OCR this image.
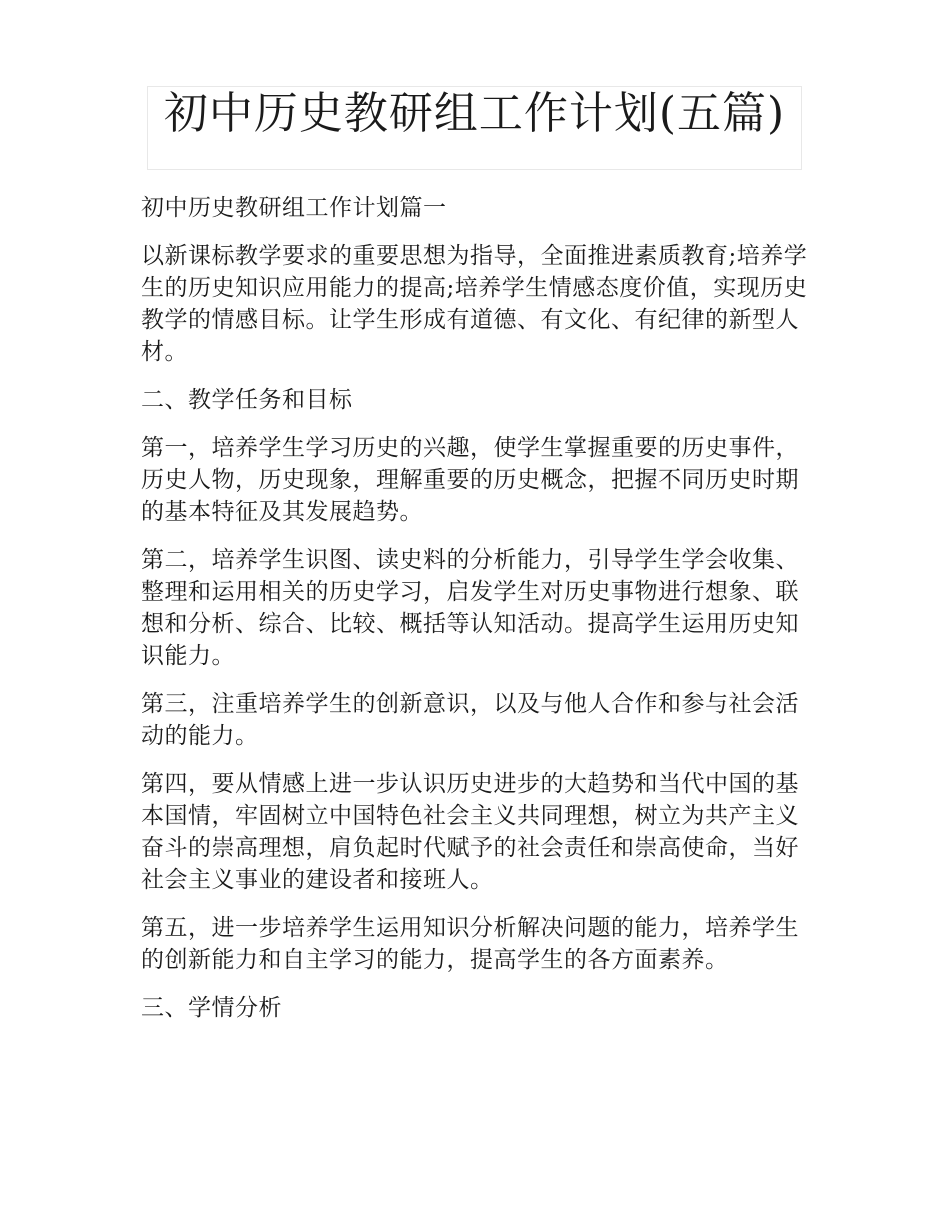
初中历史教研组工作计划(五篇)

初中历史教研组工作计划篇一

以新课标教学要求的重要思想为指导，全面推进素质教育;培养学生的历史知识应用能力的提高;培养学生情感态度价值，实现历史教学的情感目标。让学生形成有道德、有文化、有纪律的新型人材。

二、教学任务和目标

第一，培养学生学习历史的兴趣，使学生掌握重要的历史事件，历史人物，历史现象，理解重要的历史概念，把握不同历史时期的基本特征及其发展趋势。

第二，培养学生识图、读史料的分析能力，引导学生学会收集、整理和运用相关的历史学习，启发学生对历史事物进行想象、联想和分析、综合、比较、概括等认知活动。提高学生运用历史知识能力。

第三，注重培养学生的创新意识，以及与他人合作和参与社会活动的能力。

第四，要从情感上进一步认识历史进步的大趋势和当代中国的基本国情，牢固树立中国特色社会主义共同理想，树立为共产主义奋斗的崇高理想，肩负起时代赋予的社会责任和崇高使命，当好社会主义事业的建设者和接班人。

第五，进一步培养学生运用知识分析解决问题的能力，培养学生的创新能力和自主学习的能力，提高学生的各方面素养。

三、学情分析
